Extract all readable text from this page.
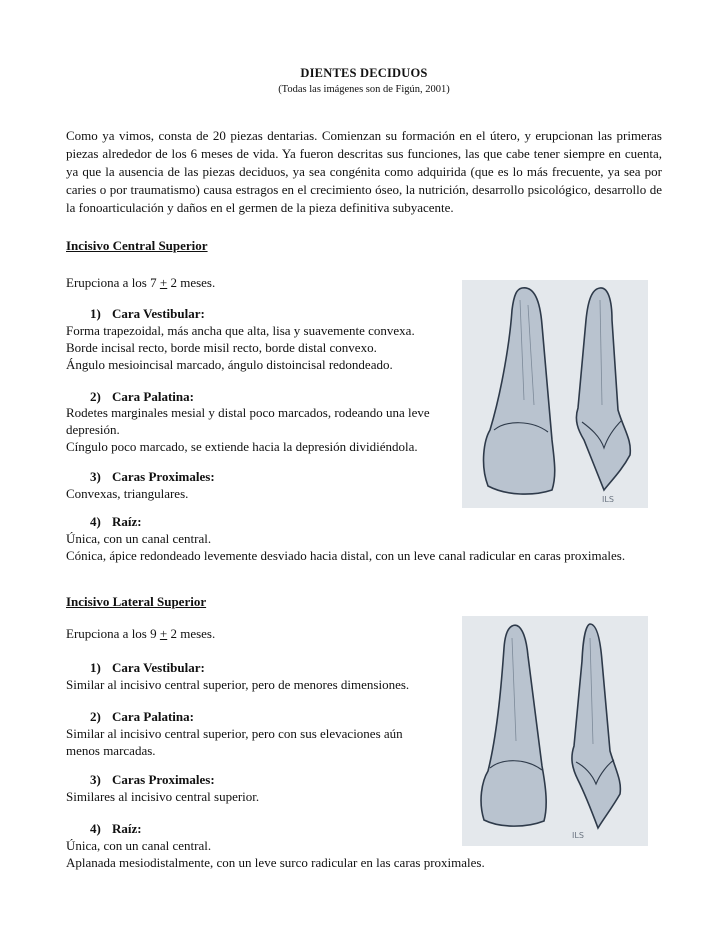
DIENTES DECIDUOS
(Todas las imágenes son de Figún, 2001)

Como ya vimos, consta de 20 piezas dentarias. Comienzan su formación en el útero, y erupcionan las primeras piezas alrededor de los 6 meses de vida. Ya fueron descritas sus funciones, las que cabe tener siempre en cuenta, ya que la ausencia de las piezas deciduos, ya sea congénita como adquirida (que es lo más frecuente, ya sea por caries o por traumatismo) causa estragos en el crecimiento óseo, la nutrición, desarrollo psicológico, desarrollo de la fonoarticulación y daños en el germen de la pieza definitiva subyacente.

Incisivo Central Superior

Erupciona a los 7 + 2 meses.

1) Cara Vestibular:

Forma trapezoidal, más ancha que alta, lisa y suavemente convexa.
Borde incisal recto, borde misil recto, borde distal convexo.
Ángulo mesioincisal marcado, ángulo distoincisal redondeado.

2) Cara Palatina:

Rodetes marginales mesial y distal poco marcados, rodeando una leve
depresión.
Cíngulo poco marcado, se extiende hacia la depresión dividiéndola.

3) Caras Proximales:

Convexas, triangulares.

4) Raíz:

Única, con un canal central.
Cónica, ápice redondeado levemente desviado hacia distal, con un leve canal radicular en caras proximales.

ILS

Incisivo Lateral Superior

Erupciona a los 9 + 2 meses.

1) Cara Vestibular:

Similar al incisivo central superior, pero de menores dimensiones.

2) Cara Palatina:

Similar al incisivo central superior, pero con sus elevaciones aún
menos marcadas.

3) Caras Proximales:

Similares al incisivo central superior.

4) Raíz:

Única, con un canal central.
Aplanada mesiodistalmente, con un leve surco radicular en las caras proximales.

ILS
